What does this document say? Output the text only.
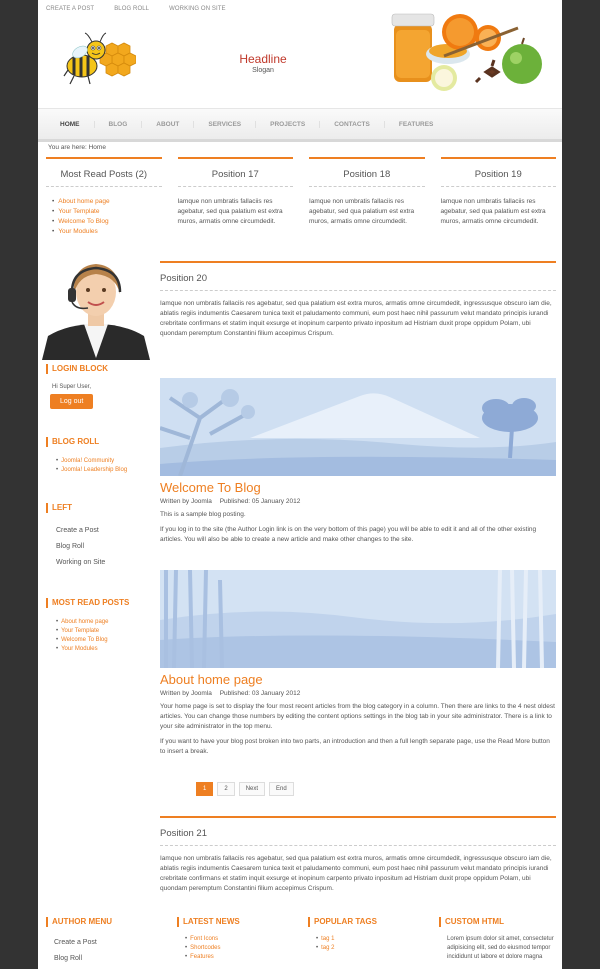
CREATE A POST	BLOG ROLL	WORKING ON SITE
Headline
Slogan
HOME	BLOG	ABOUT	SERVICES	PROJECTS	CONTACTS	FEATURES
You are here: Home
Most Read Posts (2)
• About home page
• Your Template
• Welcome To Blog
• Your Modules
Position 17
Iamque non umbratis fallaciis res agebatur, sed qua palatium est extra muros, armatis omne circumdedit.
Position 18
Iamque non umbratis fallaciis res agebatur, sed qua palatium est extra muros, armatis omne circumdedit.
Position 19
Iamque non umbratis fallaciis res agebatur, sed qua palatium est extra muros, armatis omne circumdedit.
LOGIN BLOCK
Hi Super User,
Log out
BLOG ROLL
• Joomla! Community
• Joomla! Leadership Blog
LEFT
Create a Post
Blog Roll
Working on Site
MOST READ POSTS
• About home page
• Your Template
• Welcome To Blog
• Your Modules
Position 20
Iamque non umbratis fallaciis res agebatur, sed qua palatium est extra muros, armatis omne circumdedit, ingressusque obscuro iam die, ablatis regiis indumentis Caesarem tunica texit et paludamento communi, eum post haec nihil passurum velut mandato principis iurandi crebritate confirmans et statim inquit exsurge et inopinum carpento privato inpositum ad Histriam duxit prope oppidum Polam, ubi quondam peremptum Constantini filium accepimus Crispum.
Welcome To Blog
Written by Joomla Published: 05 January 2012
This is a sample blog posting.
If you log in to the site (the Author Login link is on the very bottom of this page) you will be able to edit it and all of the other existing articles. You will also be able to create a new article and make other changes to the site.
About home page
Written by Joomla Published: 03 January 2012
Your home page is set to display the four most recent articles from the blog category in a column. Then there are links to the 4 nest oldest articles. You can change those numbers by editing the content options settings in the blog tab in your site administrator. There is a link to your site administrator in the top menu.
If you want to have your blog post broken into two parts, an introduction and then a full length separate page, use the Read More button to insert a break.
1	2	Next	End
Position 21
Iamque non umbratis fallaciis res agebatur, sed qua palatium est extra muros, armatis omne circumdedit, ingressusque obscuro iam die, ablatis regiis indumentis Caesarem tunica texit et paludamento communi, eum post haec nihil passurum velut mandato principis iurandi crebritate confirmans et statim inquit exsurge et inopinum carpento privato inpositum ad Histriam duxit prope oppidum Polam, ubi quondam peremptum Constantini filium accepimus Crispum.
AUTHOR MENU
Create a Post
Blog Roll
LATEST NEWS
• Font Icons
• Shortcodes
• Features
POPULAR TAGS
• tag 1
• tag 2
CUSTOM HTML
Lorem ipsum dolor sit amet, consectetur adipisicing elit, sed do eiusmod tempor incididunt ut labore et dolore magna
